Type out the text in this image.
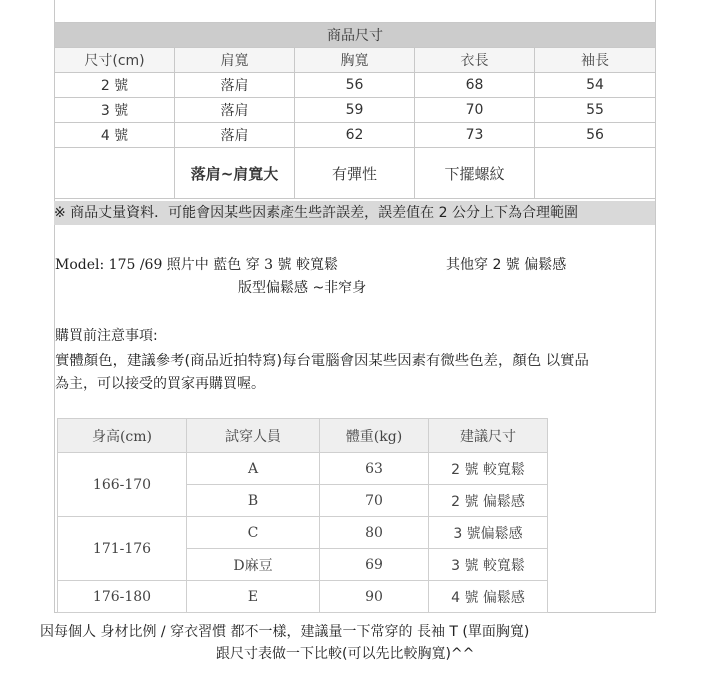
商品尺寸				
尺寸(cm)	肩寬	胸寬	衣長	袖長
2 號	落肩	56	68	54
3 號	落肩	59	70	55
4 號	落肩	62	73	56
	落肩~肩寬大	有彈性	下擺螺紋	
※ 商品丈量資料．可能會因某些因素產生些許誤差，誤差值在 2 公分上下為合理範圍
Model: 175 /69 照片中 藍色 穿 3 號 較寬鬆	其他穿 2 號 偏鬆感
版型偏鬆感 ~非窄身
購買前注意事項:
實體顏色，建議參考(商品近拍特寫)每台電腦會因某些因素有微些色差，顏色 以實品
為主，可以接受的買家再購買喔。
身高(cm)	試穿人員	體重(kg)	建議尺寸
166-170	A	63	2 號 較寬鬆
	B	70	2 號 偏鬆感
171-176	C	80	3 號偏鬆感
	D麻豆	69	3 號 較寬鬆
176-180	E	90	4 號 偏鬆感
因每個人 身材比例 / 穿衣習慣 都不一樣，建議量一下常穿的 長袖 T (單面胸寬)
跟尺寸表做一下比較(可以先比較胸寬)^^
